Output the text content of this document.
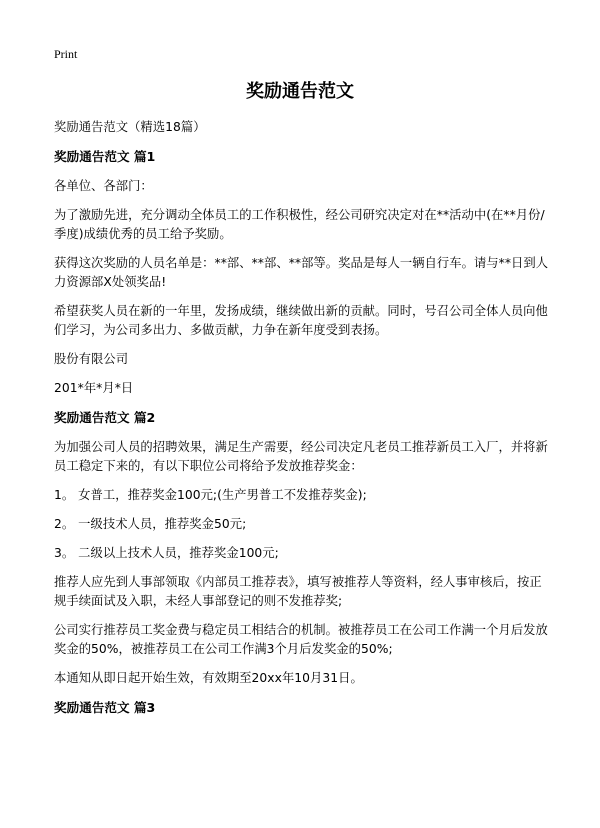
Print
奖励通告范文
奖励通告范文（精选18篇）
奖励通告范文 篇1
各单位、各部门：
为了激励先进，充分调动全体员工的工作积极性，经公司研究决定对在**活动中(在**月份/季度)成绩优秀的员工给予奖励。
获得这次奖励的人员名单是：**部、**部、**部等。奖品是每人一辆自行车。请与**日到人力资源部X处领奖品!
希望获奖人员在新的一年里，发扬成绩，继续做出新的贡献。同时，号召公司全体人员向他们学习，为公司多出力、多做贡献，力争在新年度受到表扬。
股份有限公司
201*年*月*日
奖励通告范文 篇2
为加强公司人员的招聘效果，满足生产需要，经公司决定凡老员工推荐新员工入厂，并将新员工稳定下来的，有以下职位公司将给予发放推荐奖金：
1。 女普工，推荐奖金100元;(生产男普工不发推荐奖金);
2。 一级技术人员，推荐奖金50元;
3。 二级以上技术人员，推荐奖金100元;
推荐人应先到人事部领取《内部员工推荐表》，填写被推荐人等资料，经人事审核后，按正规手续面试及入职，未经人事部登记的则不发推荐奖;
公司实行推荐员工奖金费与稳定员工相结合的机制。被推荐员工在公司工作满一个月后发放奖金的50%，被推荐员工在公司工作满3个月后发奖金的50%;
本通知从即日起开始生效，有效期至20xx年10月31日。
奖励通告范文 篇3
